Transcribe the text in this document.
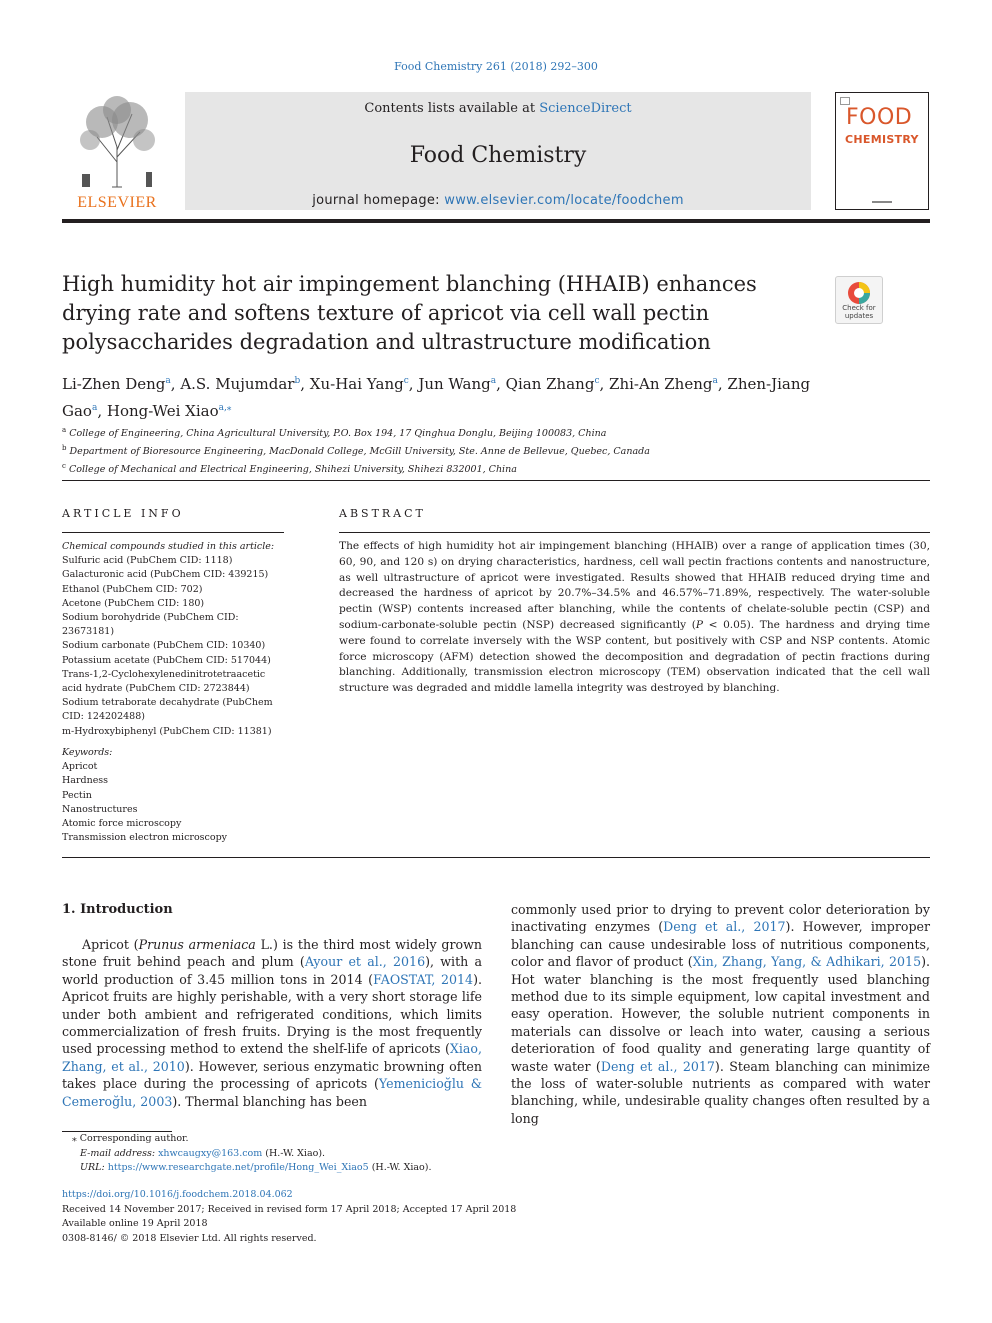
Food Chemistry 261 (2018) 292–300
ELSEVIER
Contents lists available at ScienceDirect
Food Chemistry
journal homepage: www.elsevier.com/locate/foodchem
FOOD
CHEMISTRY
High humidity hot air impingement blanching (HHAIB) enhances drying rate and softens texture of apricot via cell wall pectin polysaccharides degradation and ultrastructure modification
Check for
updates
Li-Zhen Deng$^a$, A.S. Mujumdar$^b$, Xu-Hai Yang$^c$, Jun Wang$^a$, Qian Zhang$^c$, Zhi-An Zheng$^a$, Zhen-Jiang Gao$^a$, Hong-Wei Xiao$^{a,⁎}$
$^a$ College of Engineering, China Agricultural University, P.O. Box 194, 17 Qinghua Donglu, Beijing 100083, China
$^b$ Department of Bioresource Engineering, MacDonald College, McGill University, Ste. Anne de Bellevue, Quebec, Canada
$^c$ College of Mechanical and Electrical Engineering, Shihezi University, Shihezi 832001, China
ARTICLE INFO
Chemical compounds studied in this article:
Sulfuric acid (PubChem CID: 1118)
Galacturonic acid (PubChem CID: 439215)
Ethanol (PubChem CID: 702)
Acetone (PubChem CID: 180)
Sodium borohydride (PubChem CID: 23673181)
Sodium carbonate (PubChem CID: 10340)
Potassium acetate (PubChem CID: 517044)
Trans-1,2-Cyclohexylenedinitrotetraacetic acid hydrate (PubChem CID: 2723844)
Sodium tetraborate decahydrate (PubChem CID: 124202488)
m-Hydroxybiphenyl (PubChem CID: 11381)
Keywords:
Apricot
Hardness
Pectin
Nanostructures
Atomic force microscopy
Transmission electron microscopy
ABSTRACT
The effects of high humidity hot air impingement blanching (HHAIB) over a range of application times (30, 60, 90, and 120 s) on drying characteristics, hardness, cell wall pectin fractions contents and nanostructure, as well ultrastructure of apricot were investigated. Results showed that HHAIB reduced drying time and decreased the hardness of apricot by 20.7%–34.5% and 46.57%–71.89%, respectively. The water-soluble pectin (WSP) contents increased after blanching, while the contents of chelate-soluble pectin (CSP) and sodium-carbonate-soluble pectin (NSP) decreased significantly (P < 0.05). The hardness and drying time were found to correlate inversely with the WSP content, but positively with CSP and NSP contents. Atomic force microscopy (AFM) detection showed the decomposition and degradation of pectin fractions during blanching. Additionally, transmission electron microscopy (TEM) observation indicated that the cell wall structure was degraded and middle lamella integrity was destroyed by blanching.
1. Introduction
Apricot (Prunus armeniaca L.) is the third most widely grown stone fruit behind peach and plum (Ayour et al., 2016), with a world production of 3.45 million tons in 2014 (FAOSTAT, 2014). Apricot fruits are highly perishable, with a very short storage life under both ambient and refrigerated conditions, which limits commercialization of fresh fruits. Drying is the most frequently used processing method to extend the shelf-life of apricots (Xiao, Zhang, et al., 2010). However, serious enzymatic browning often takes place during the processing of apricots (Yemenicioğlu & Cemeroğlu, 2003). Thermal blanching has been
commonly used prior to drying to prevent color deterioration by inactivating enzymes (Deng et al., 2017). However, improper blanching can cause undesirable loss of nutritious components, color and flavor of product (Xin, Zhang, Yang, & Adhikari, 2015). Hot water blanching is the most frequently used blanching method due to its simple equipment, low capital investment and easy operation. However, the soluble nutrient components in materials can dissolve or leach into water, causing a serious deterioration of food quality and generating large quantity of waste water (Deng et al., 2017). Steam blanching can minimize the loss of water-soluble nutrients as compared with water blanching, while, undesirable quality changes often resulted by a long
⁎ Corresponding author.
E-mail address: xhwcaugxy@163.com (H.-W. Xiao).
URL: https://www.researchgate.net/profile/Hong_Wei_Xiao5 (H.-W. Xiao).
https://doi.org/10.1016/j.foodchem.2018.04.062
Received 14 November 2017; Received in revised form 17 April 2018; Accepted 17 April 2018
Available online 19 April 2018
0308-8146/ © 2018 Elsevier Ltd. All rights reserved.
